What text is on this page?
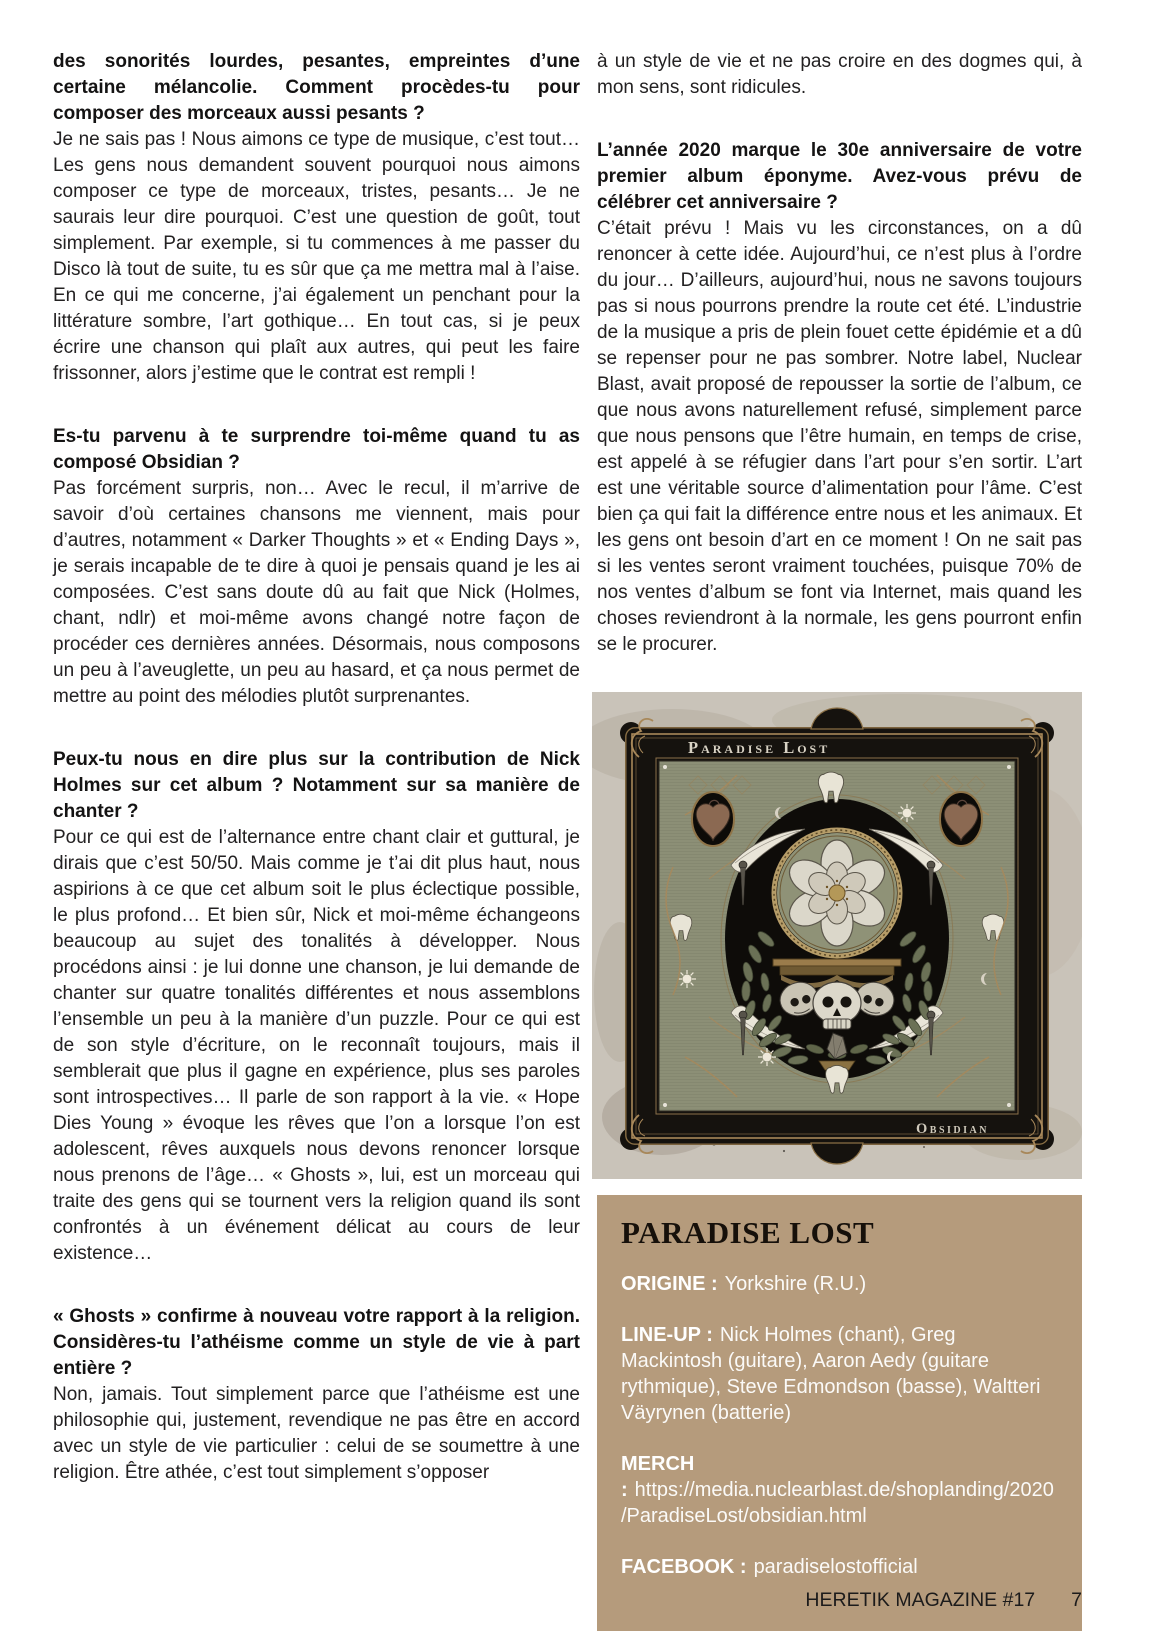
des sonorités lourdes, pesantes, empreintes d’une certaine mélancolie. Comment procèdes-tu pour composer des morceaux aussi pesants ?

Je ne sais pas ! Nous aimons ce type de musique, c’est tout… Les gens nous demandent souvent pourquoi nous aimons composer ce type de morceaux, tristes, pesants… Je ne saurais leur dire pourquoi. C’est une question de goût, tout simplement. Par exemple, si tu commences à me passer du Disco là tout de suite, tu es sûr que ça me mettra mal à l’aise. En ce qui me concerne, j’ai également un penchant pour la littérature sombre, l’art gothique… En tout cas, si je peux écrire une chanson qui plaît aux autres, qui peut les faire frissonner, alors j’estime que le contrat est rempli !

Es-tu parvenu à te surprendre toi-même quand tu as composé Obsidian ?

Pas forcément surpris, non… Avec le recul, il m’arrive de savoir d’où certaines chansons me viennent, mais pour d’autres, notamment « Darker Thoughts » et « Ending Days », je serais incapable de te dire à quoi je pensais quand je les ai composées. C’est sans doute dû au fait que Nick (Holmes, chant, ndlr) et moi-même avons changé notre façon de procéder ces dernières années. Désormais, nous composons un peu à l’aveuglette, un peu au hasard, et ça nous permet de mettre au point des mélodies plutôt surprenantes.

Peux-tu nous en dire plus sur la contribution de Nick Holmes sur cet album ? Notamment sur sa manière de chanter ?

Pour ce qui est de l’alternance entre chant clair et guttural, je dirais que c’est 50/50. Mais comme je t’ai dit plus haut, nous aspirions à ce que cet album soit le plus éclectique possible, le plus profond… Et bien sûr, Nick et moi-même échangeons beaucoup au sujet des tonalités à développer. Nous procédons ainsi : je lui donne une chanson, je lui demande de chanter sur quatre tonalités différentes et nous assemblons l’ensemble un peu à la manière d’un puzzle. Pour ce qui est de son style d’écriture, on le reconnaît toujours, mais il semblerait que plus il gagne en expérience, plus ses paroles sont introspectives… Il parle de son rapport à la vie. « Hope Dies Young » évoque les rêves que l’on a lorsque l’on est adolescent, rêves auxquels nous devons renoncer lorsque nous prenons de l’âge… « Ghosts », lui, est un morceau qui traite des gens qui se tournent vers la religion quand ils sont confrontés à un événement délicat au cours de leur existence…

« Ghosts » confirme à nouveau votre rapport à la religion. Considères-tu l’athéisme comme un style de vie à part entière ?

Non, jamais. Tout simplement parce que l’athéisme est une philosophie qui, justement, revendique ne pas être en accord avec un style de vie particulier : celui de se soumettre à une religion. Être athée, c’est tout simplement s’opposer

à un style de vie et ne pas croire en des dogmes qui, à mon sens, sont ridicules.

L’année 2020 marque le 30e anniversaire de votre premier album éponyme. Avez-vous prévu de célébrer cet anniversaire ?

C’était prévu ! Mais vu les circonstances, on a dû renoncer à cette idée. Aujourd’hui, ce n’est plus à l’ordre du jour… D’ailleurs, aujourd’hui, nous ne savons toujours pas si nous pourrons prendre la route cet été. L’industrie de la musique a pris de plein fouet cette épidémie et a dû se repenser pour ne pas sombrer. Notre label, Nuclear Blast, avait proposé de repousser la sortie de l’album, ce que nous avons naturellement refusé, simplement parce que nous pensons que l’être humain, en temps de crise, est appelé à se réfugier dans l’art pour s’en sortir. L’art est une véritable source d’alimentation pour l’âme. C’est bien ça qui fait la différence entre nous et les animaux. Et les gens ont besoin d’art en ce moment ! On ne sait pas si les ventes seront vraiment touchées, puisque 70% de nos ventes d’album se font via Internet, mais quand les choses reviendront à la normale, les gens pourront enfin se le procurer.

Paradise Lost
Obsidian
PARADISE LOST

ORIGINE : Yorkshire (R.U.)

LINE-UP : Nick Holmes (chant), Greg Mackintosh (guitare), Aaron Aedy (guitare rythmique), Steve Edmondson (basse), Waltteri Väyrynen (batterie)

MERCH : https://media.nuclearblast.de/shoplanding/2020/ParadiseLost/obsidian.html

FACEBOOK : paradiselostofficial

HERETIK MAGAZINE #17 7
